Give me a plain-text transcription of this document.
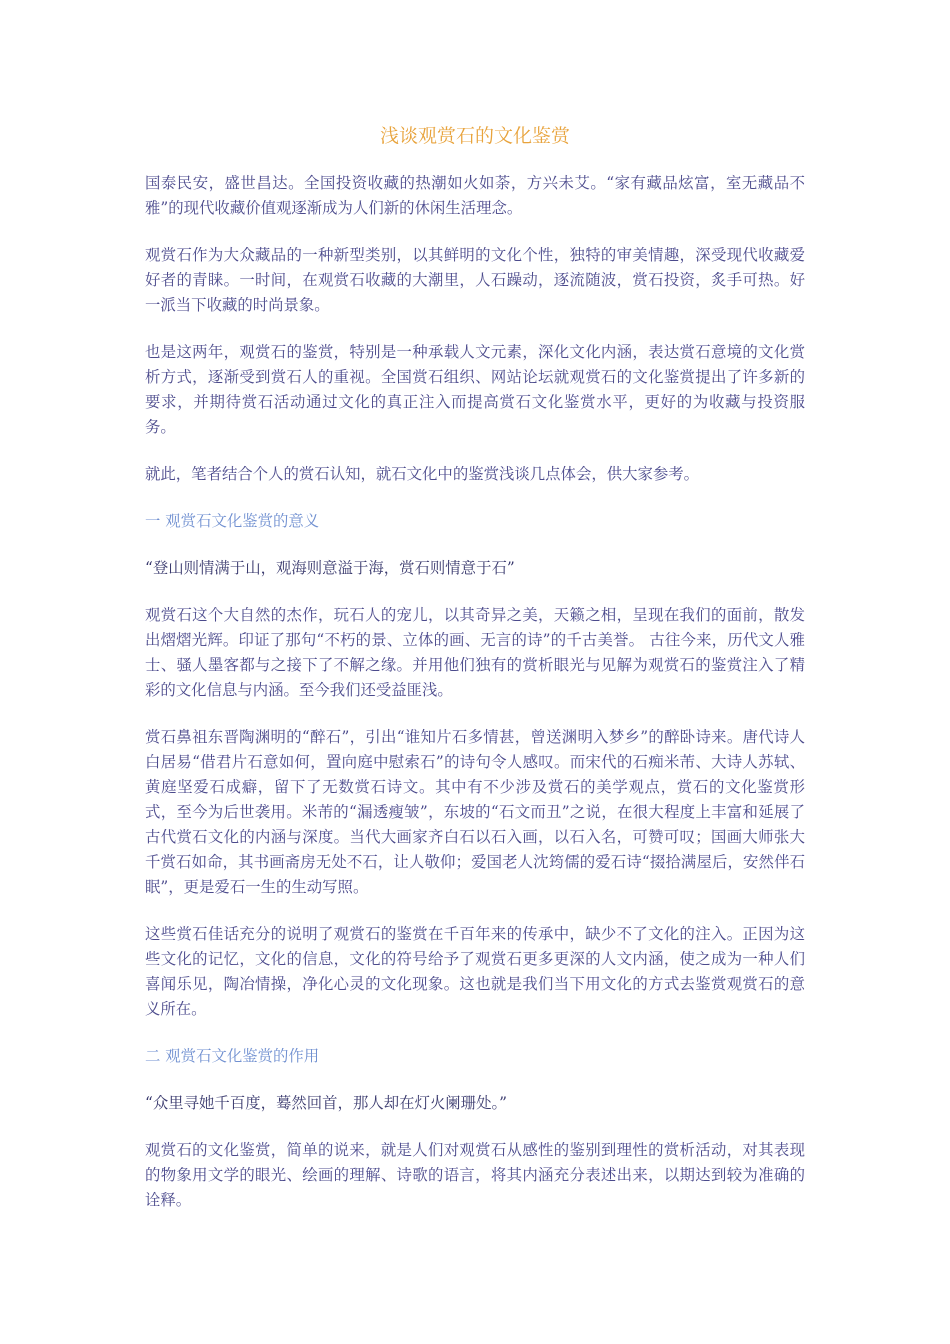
浅谈观赏石的文化鉴赏

国泰民安，盛世昌达。全国投资收藏的热潮如火如荼，方兴未艾。“家有藏品炫富，室无藏品不雅”的现代收藏价值观逐渐成为人们新的休闲生活理念。

观赏石作为大众藏品的一种新型类别，以其鲜明的文化个性，独特的审美情趣，深受现代收藏爱好者的青睐。一时间，在观赏石收藏的大潮里，人石躁动，逐流随波，赏石投资，炙手可热。好一派当下收藏的时尚景象。

也是这两年，观赏石的鉴赏，特别是一种承载人文元素，深化文化内涵，表达赏石意境的文化赏析方式，逐渐受到赏石人的重视。全国赏石组织、网站论坛就观赏石的文化鉴赏提出了许多新的要求，并期待赏石活动通过文化的真正注入而提高赏石文化鉴赏水平，更好的为收藏与投资服务。

就此，笔者结合个人的赏石认知，就石文化中的鉴赏浅谈几点体会，供大家参考。

一 观赏石文化鉴赏的意义

“登山则情满于山，观海则意溢于海，赏石则情意于石”

观赏石这个大自然的杰作，玩石人的宠儿，以其奇异之美，天籁之相，呈现在我们的面前，散发出熠熠光辉。印证了那句“不朽的景、立体的画、无言的诗”的千古美誉。 古往今来，历代文人雅士、骚人墨客都与之接下了不解之缘。并用他们独有的赏析眼光与见解为观赏石的鉴赏注入了精彩的文化信息与内涵。至今我们还受益匪浅。

赏石鼻祖东晋陶渊明的“醉石”，引出“谁知片石多情甚，曾送渊明入梦乡”的醉卧诗来。唐代诗人白居易“借君片石意如何，置向庭中慰索石”的诗句令人感叹。而宋代的石痴米芾、大诗人苏轼、黄庭坚爱石成癖，留下了无数赏石诗文。其中有不少涉及赏石的美学观点，赏石的文化鉴赏形式，至今为后世袭用。米芾的“漏透瘦皱”，东坡的“石文而丑”之说，在很大程度上丰富和延展了古代赏石文化的内涵与深度。当代大画家齐白石以石入画，以石入名，可赞可叹；国画大师张大千赏石如命，其书画斋房无处不石，让人敬仰；爱国老人沈筠儒的爱石诗“掇拾满屋后，安然伴石眠”，更是爱石一生的生动写照。

这些赏石佳话充分的说明了观赏石的鉴赏在千百年来的传承中，缺少不了文化的注入。正因为这些文化的记忆，文化的信息，文化的符号给予了观赏石更多更深的人文内涵，使之成为一种人们喜闻乐见，陶冶情操，净化心灵的文化现象。这也就是我们当下用文化的方式去鉴赏观赏石的意义所在。

二 观赏石文化鉴赏的作用

“众里寻她千百度，蓦然回首，那人却在灯火阑珊处。”

观赏石的文化鉴赏，简单的说来，就是人们对观赏石从感性的鉴别到理性的赏析活动，对其表现的物象用文学的眼光、绘画的理解、诗歌的语言，将其内涵充分表述出来，以期达到较为准确的诠释。
